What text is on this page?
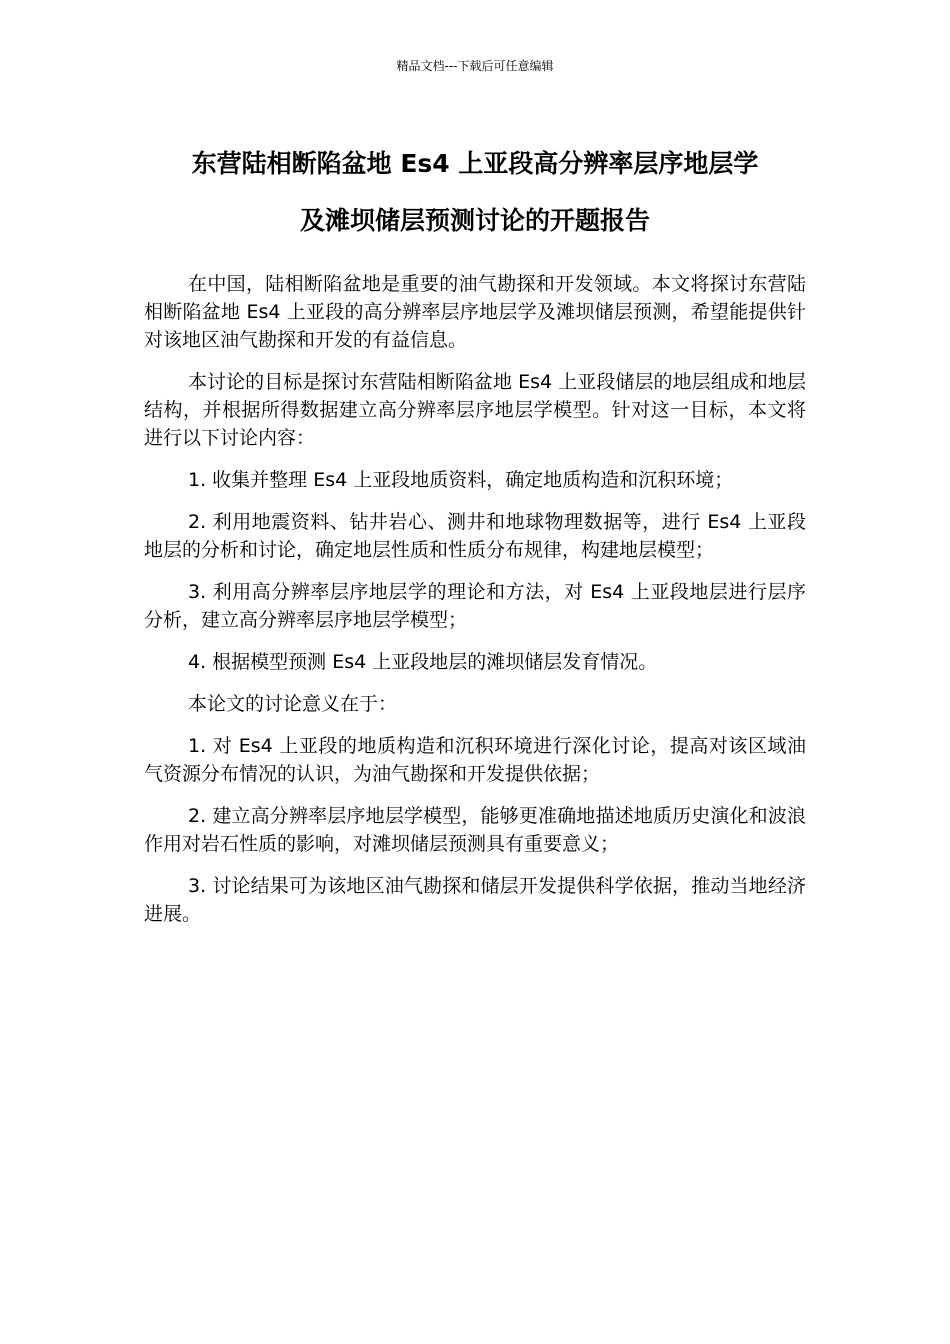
精品文档---下载后可任意编辑
东营陆相断陷盆地 Es4 上亚段高分辨率层序地层学
及滩坝储层预测讨论的开题报告

在中国，陆相断陷盆地是重要的油气勘探和开发领域。本文将探讨东营陆相断陷盆地 Es4 上亚段的高分辨率层序地层学及滩坝储层预测，希望能提供针对该地区油气勘探和开发的有益信息。

本讨论的目标是探讨东营陆相断陷盆地 Es4 上亚段储层的地层组成和地层结构，并根据所得数据建立高分辨率层序地层学模型。针对这一目标，本文将进行以下讨论内容：

1. 收集并整理 Es4 上亚段地质资料，确定地质构造和沉积环境；

2. 利用地震资料、钻井岩心、测井和地球物理数据等，进行 Es4 上亚段地层的分析和讨论，确定地层性质和性质分布规律，构建地层模型；

3. 利用高分辨率层序地层学的理论和方法，对 Es4 上亚段地层进行层序分析，建立高分辨率层序地层学模型；

4. 根据模型预测 Es4 上亚段地层的滩坝储层发育情况。

本论文的讨论意义在于：

1. 对 Es4 上亚段的地质构造和沉积环境进行深化讨论，提高对该区域油气资源分布情况的认识，为油气勘探和开发提供依据；

2. 建立高分辨率层序地层学模型，能够更准确地描述地质历史演化和波浪作用对岩石性质的影响，对滩坝储层预测具有重要意义；

3. 讨论结果可为该地区油气勘探和储层开发提供科学依据，推动当地经济进展。
